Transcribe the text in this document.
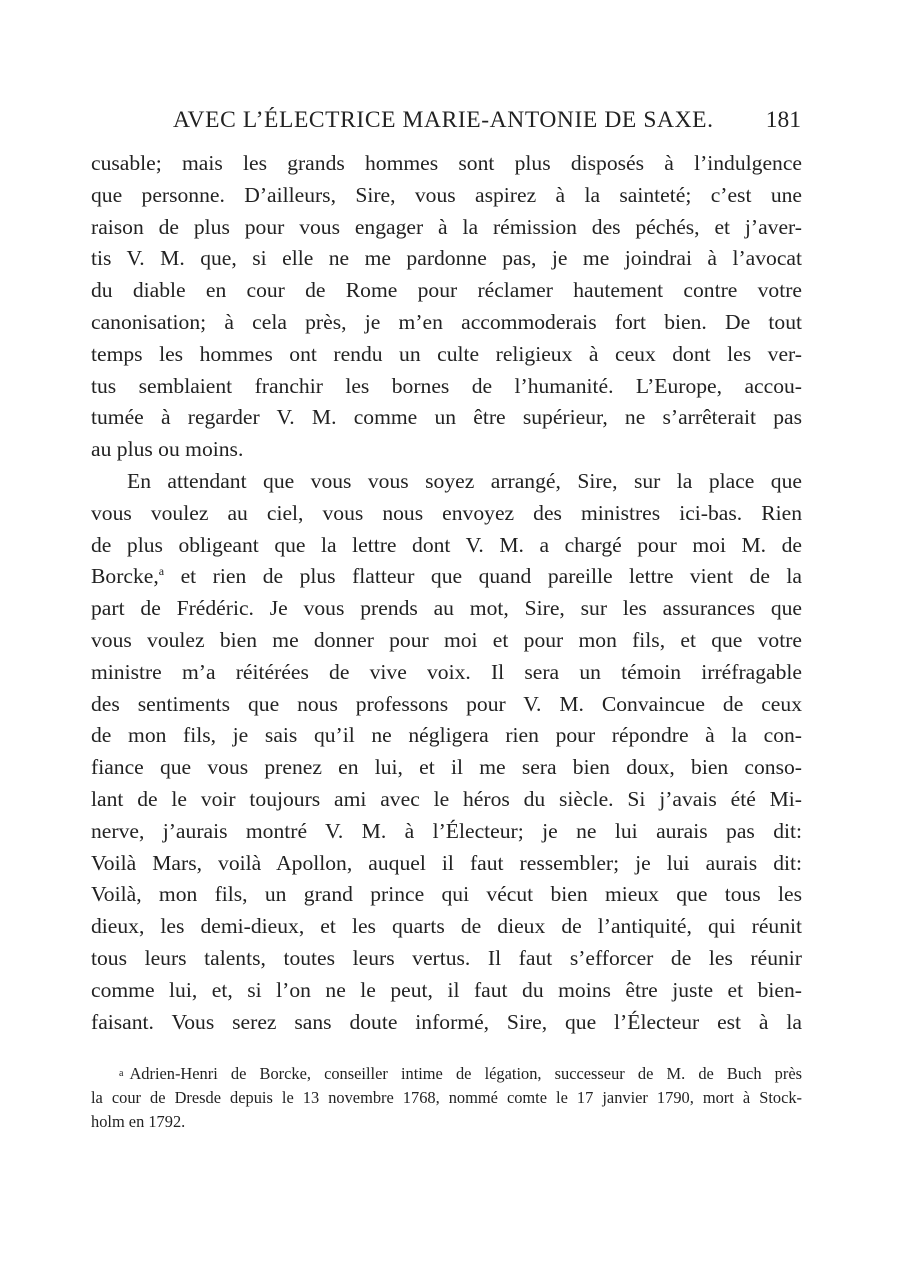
AVEC L’ÉLECTRICE MARIE-ANTONIE DE SAXE. 181
cusable; mais les grands hommes sont plus disposés à l’indulgence
que personne. D’ailleurs, Sire, vous aspirez à la sainteté; c’est une
raison de plus pour vous engager à la rémission des péchés, et j’aver-
tis V. M. que, si elle ne me pardonne pas, je me joindrai à l’avocat
du diable en cour de Rome pour réclamer hautement contre votre
canonisation; à cela près, je m’en accommoderais fort bien. De tout
temps les hommes ont rendu un culte religieux à ceux dont les ver-
tus semblaient franchir les bornes de l’humanité. L’Europe, accou-
tumée à regarder V. M. comme un être supérieur, ne s’arrêterait pas
au plus ou moins.
En attendant que vous vous soyez arrangé, Sire, sur la place que
vous voulez au ciel, vous nous envoyez des ministres ici-bas. Rien
de plus obligeant que la lettre dont V. M. a chargé pour moi M. de
Borcke,$^a$ et rien de plus flatteur que quand pareille lettre vient de la
part de Frédéric. Je vous prends au mot, Sire, sur les assurances que
vous voulez bien me donner pour moi et pour mon fils, et que votre
ministre m’a réitérées de vive voix. Il sera un témoin irréfragable
des sentiments que nous professons pour V. M. Convaincue de ceux
de mon fils, je sais qu’il ne négligera rien pour répondre à la con-
fiance que vous prenez en lui, et il me sera bien doux, bien conso-
lant de le voir toujours ami avec le héros du siècle. Si j’avais été Mi-
nerve, j’aurais montré V. M. à l’Électeur; je ne lui aurais pas dit:
Voilà Mars, voilà Apollon, auquel il faut ressembler; je lui aurais dit:
Voilà, mon fils, un grand prince qui vécut bien mieux que tous les
dieux, les demi-dieux, et les quarts de dieux de l’antiquité, qui réunit
tous leurs talents, toutes leurs vertus. Il faut s’efforcer de les réunir
comme lui, et, si l’on ne le peut, il faut du moins être juste et bien-
faisant. Vous serez sans doute informé, Sire, que l’Électeur est à la
a Adrien-Henri de Borcke, conseiller intime de légation, successeur de M. de Buch près
la cour de Dresde depuis le 13 novembre 1768, nommé comte le 17 janvier 1790, mort à Stock-
holm en 1792.
